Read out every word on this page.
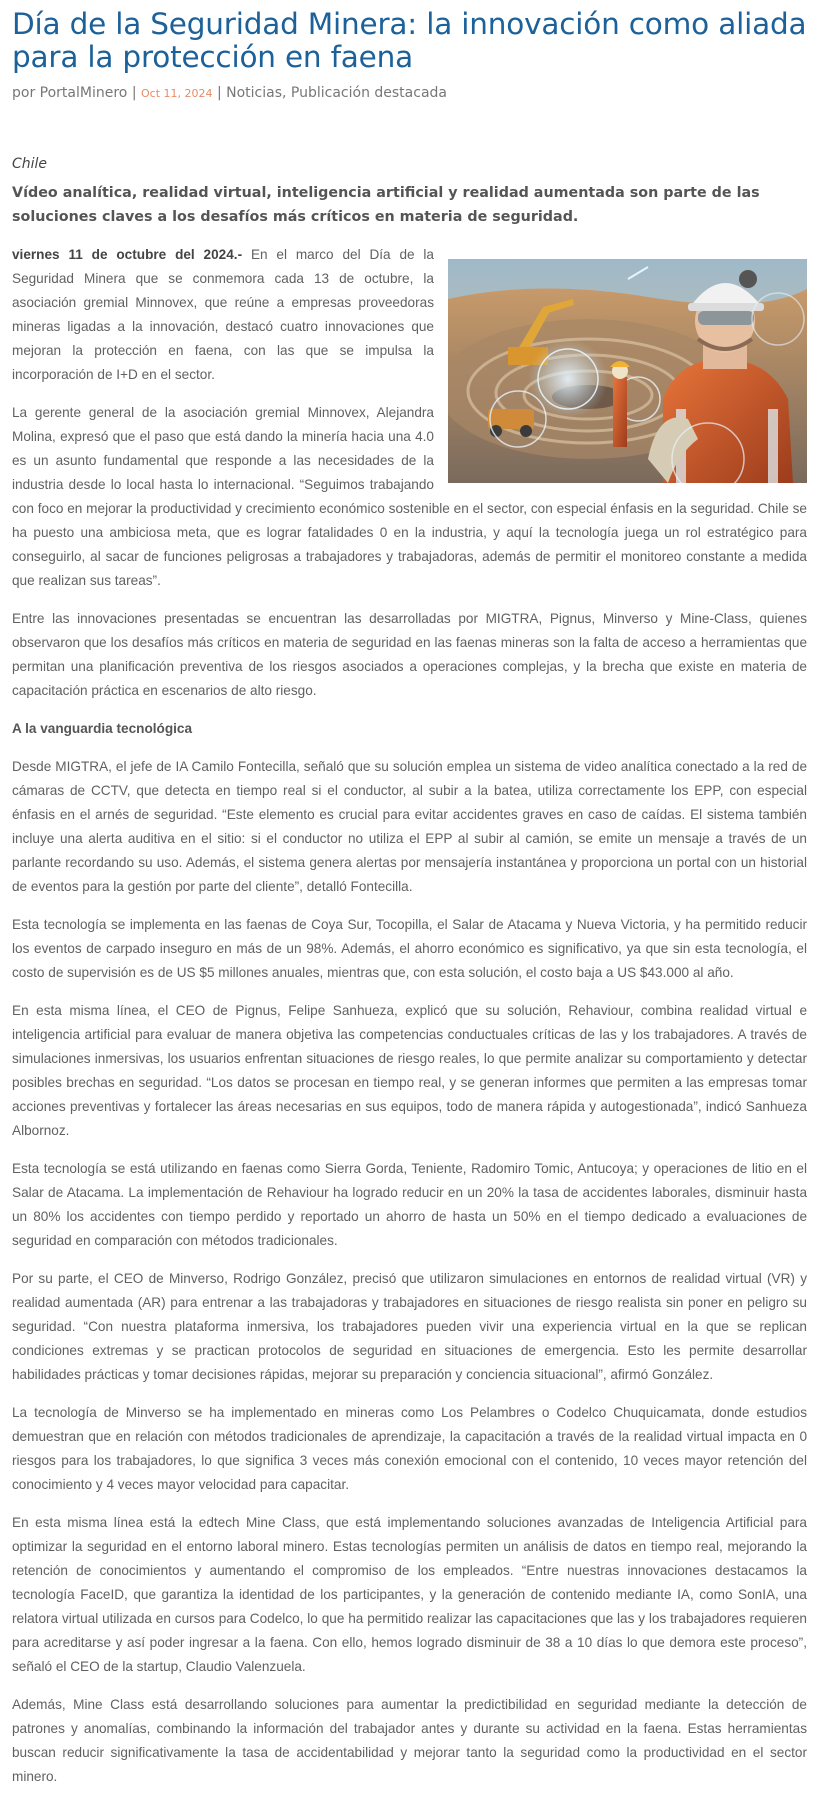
Día de la Seguridad Minera: la innovación como aliada para la protección en faena
por PortalMinero | Oct 11, 2024 | Noticias, Publicación destacada
Chile
Vídeo analítica, realidad virtual, inteligencia artificial y realidad aumentada son parte de las soluciones claves a los desafíos más críticos en materia de seguridad.

viernes 11 de octubre del 2024.- En el marco del Día de la Seguridad Minera que se conmemora cada 13 de octubre, la asociación gremial Minnovex, que reúne a empresas proveedoras mineras ligadas a la innovación, destacó cuatro innovaciones que mejoran la protección en faena, con las que se impulsa la incorporación de I+D en el sector.

La gerente general de la asociación gremial Minnovex, Alejandra Molina, expresó que el paso que está dando la minería hacia una 4.0 es un asunto fundamental que responde a las necesidades de la industria desde lo local hasta lo internacional. “Seguimos trabajando con foco en mejorar la productividad y crecimiento económico sostenible en el sector, con especial énfasis en la seguridad. Chile se ha puesto una ambiciosa meta, que es lograr fatalidades 0 en la industria, y aquí la tecnología juega un rol estratégico para conseguirlo, al sacar de funciones peligrosas a trabajadores y trabajadoras, además de permitir el monitoreo constante a medida que realizan sus tareas”.

Entre las innovaciones presentadas se encuentran las desarrolladas por MIGTRA, Pignus, Minverso y Mine-Class, quienes observaron que los desafíos más críticos en materia de seguridad en las faenas mineras son la falta de acceso a herramientas que permitan una planificación preventiva de los riesgos asociados a operaciones complejas, y la brecha que existe en materia de capacitación práctica en escenarios de alto riesgo.

A la vanguardia tecnológica

Desde MIGTRA, el jefe de IA Camilo Fontecilla, señaló que su solución emplea un sistema de video analítica conectado a la red de cámaras de CCTV, que detecta en tiempo real si el conductor, al subir a la batea, utiliza correctamente los EPP, con especial énfasis en el arnés de seguridad. “Este elemento es crucial para evitar accidentes graves en caso de caídas. El sistema también incluye una alerta auditiva en el sitio: si el conductor no utiliza el EPP al subir al camión, se emite un mensaje a través de un parlante recordando su uso. Además, el sistema genera alertas por mensajería instantánea y proporciona un portal con un historial de eventos para la gestión por parte del cliente”, detalló Fontecilla.

Esta tecnología se implementa en las faenas de Coya Sur, Tocopilla, el Salar de Atacama y Nueva Victoria, y ha permitido reducir los eventos de carpado inseguro en más de un 98%. Además, el ahorro económico es significativo, ya que sin esta tecnología, el costo de supervisión es de US $5 millones anuales, mientras que, con esta solución, el costo baja a US $43.000 al año.

En esta misma línea, el CEO de Pignus, Felipe Sanhueza, explicó que su solución, Rehaviour, combina realidad virtual e inteligencia artificial para evaluar de manera objetiva las competencias conductuales críticas de las y los trabajadores. A través de simulaciones inmersivas, los usuarios enfrentan situaciones de riesgo reales, lo que permite analizar su comportamiento y detectar posibles brechas en seguridad. “Los datos se procesan en tiempo real, y se generan informes que permiten a las empresas tomar acciones preventivas y fortalecer las áreas necesarias en sus equipos, todo de manera rápida y autogestionada”, indicó Sanhueza Albornoz.

Esta tecnología se está utilizando en faenas como Sierra Gorda, Teniente, Radomiro Tomic, Antucoya; y operaciones de litio en el Salar de Atacama. La implementación de Rehaviour ha logrado reducir en un 20% la tasa de accidentes laborales, disminuir hasta un 80% los accidentes con tiempo perdido y reportado un ahorro de hasta un 50% en el tiempo dedicado a evaluaciones de seguridad en comparación con métodos tradicionales.

Por su parte, el CEO de Minverso, Rodrigo González, precisó que utilizaron simulaciones en entornos de realidad virtual (VR) y realidad aumentada (AR) para entrenar a las trabajadoras y trabajadores en situaciones de riesgo realista sin poner en peligro su seguridad. “Con nuestra plataforma inmersiva, los trabajadores pueden vivir una experiencia virtual en la que se replican condiciones extremas y se practican protocolos de seguridad en situaciones de emergencia. Esto les permite desarrollar habilidades prácticas y tomar decisiones rápidas, mejorar su preparación y conciencia situacional”, afirmó González.

La tecnología de Minverso se ha implementado en mineras como Los Pelambres o Codelco Chuquicamata, donde estudios demuestran que en relación con métodos tradicionales de aprendizaje, la capacitación a través de la realidad virtual impacta en 0 riesgos para los trabajadores, lo que significa 3 veces más conexión emocional con el contenido, 10 veces mayor retención del conocimiento y 4 veces mayor velocidad para capacitar.

En esta misma línea está la edtech Mine Class, que está implementando soluciones avanzadas de Inteligencia Artificial para optimizar la seguridad en el entorno laboral minero. Estas tecnologías permiten un análisis de datos en tiempo real, mejorando la retención de conocimientos y aumentando el compromiso de los empleados. “Entre nuestras innovaciones destacamos la tecnología FaceID, que garantiza la identidad de los participantes, y la generación de contenido mediante IA, como SonIA, una relatora virtual utilizada en cursos para Codelco, lo que ha permitido realizar las capacitaciones que las y los trabajadores requieren para acreditarse y así poder ingresar a la faena. Con ello, hemos logrado disminuir de 38 a 10 días lo que demora este proceso”, señaló el CEO de la startup, Claudio Valenzuela.

Además, Mine Class está desarrollando soluciones para aumentar la predictibilidad en seguridad mediante la detección de patrones y anomalías, combinando la información del trabajador antes y durante su actividad en la faena. Estas herramientas buscan reducir significativamente la tasa de accidentabilidad y mejorar tanto la seguridad como la productividad en el sector minero.
